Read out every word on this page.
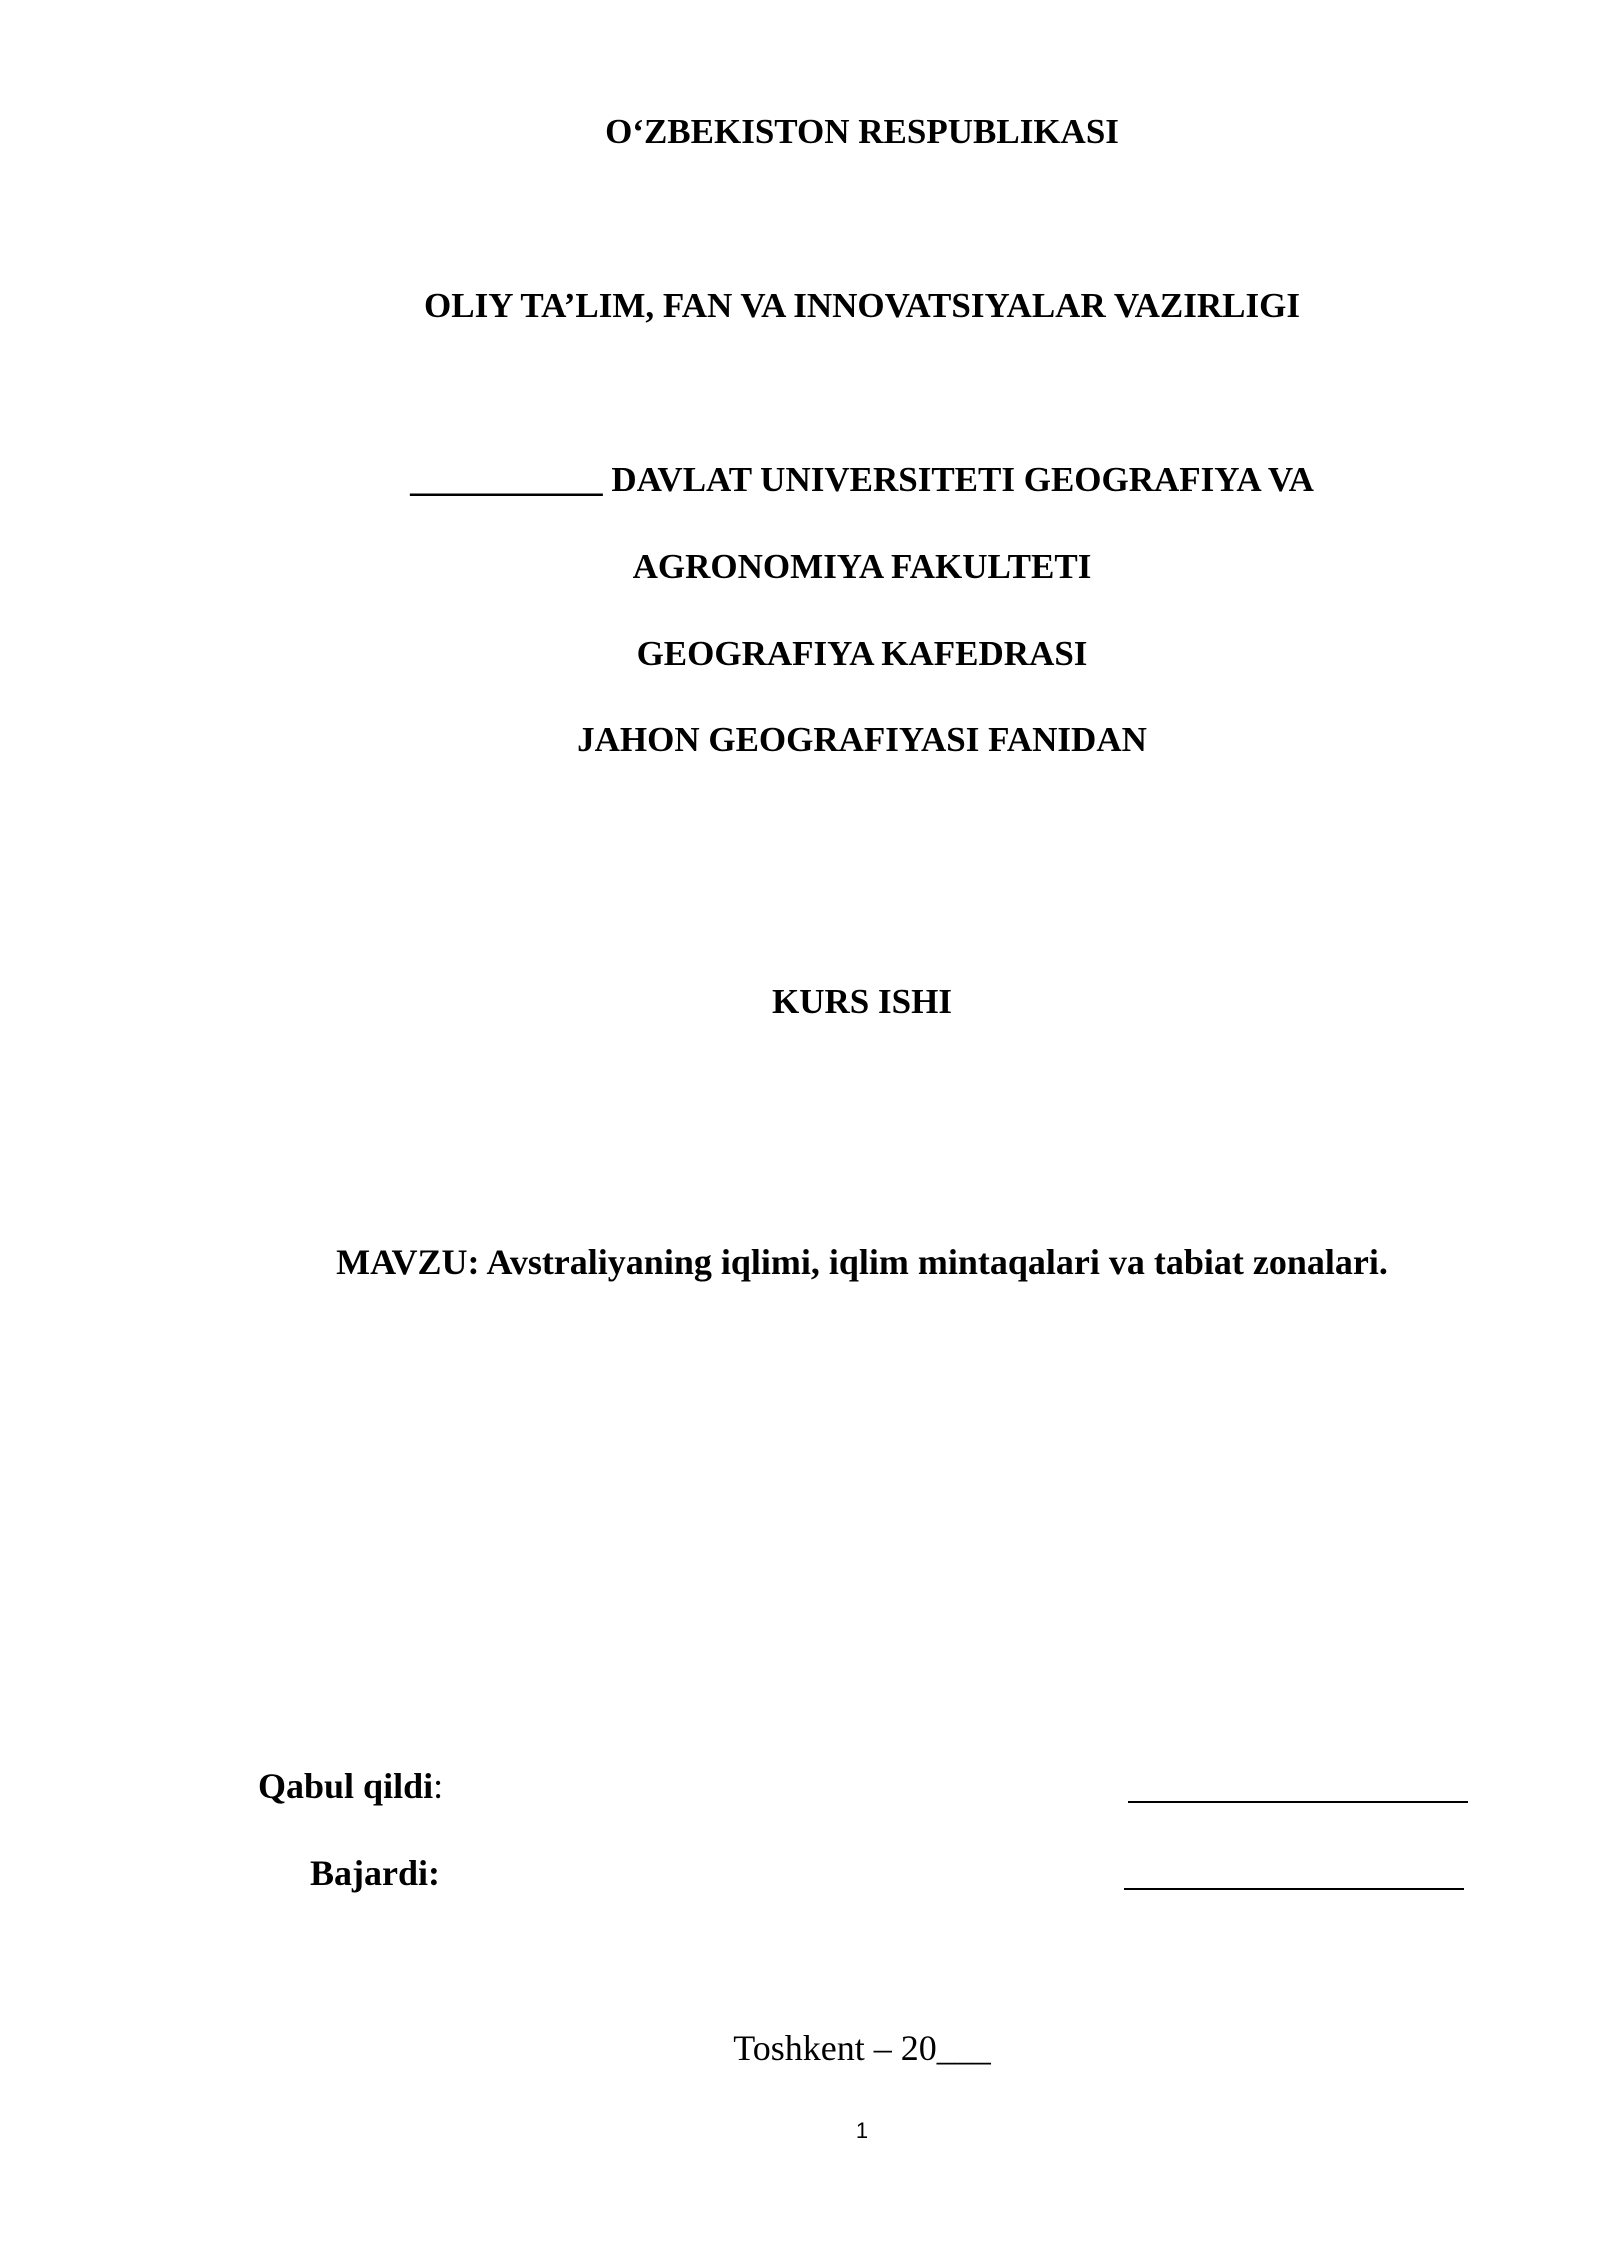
O‘ZBEKISTON RESPUBLIKASI
OLIY TA’LIM, FAN VA INNOVATSIYALAR VAZIRLIGI
___________ DAVLAT UNIVERSITETI GEOGRAFIYA VA
AGRONOMIYA FAKULTETI
GEOGRAFIYA KAFEDRASI
JAHON GEOGRAFIYASI FANIDAN
KURS ISHI
MAVZU: Avstraliyaning iqlimi, iqlim mintaqalari va tabiat zonalari.
Qabul qildi:
Bajardi:
Toshkent – 20___
1
